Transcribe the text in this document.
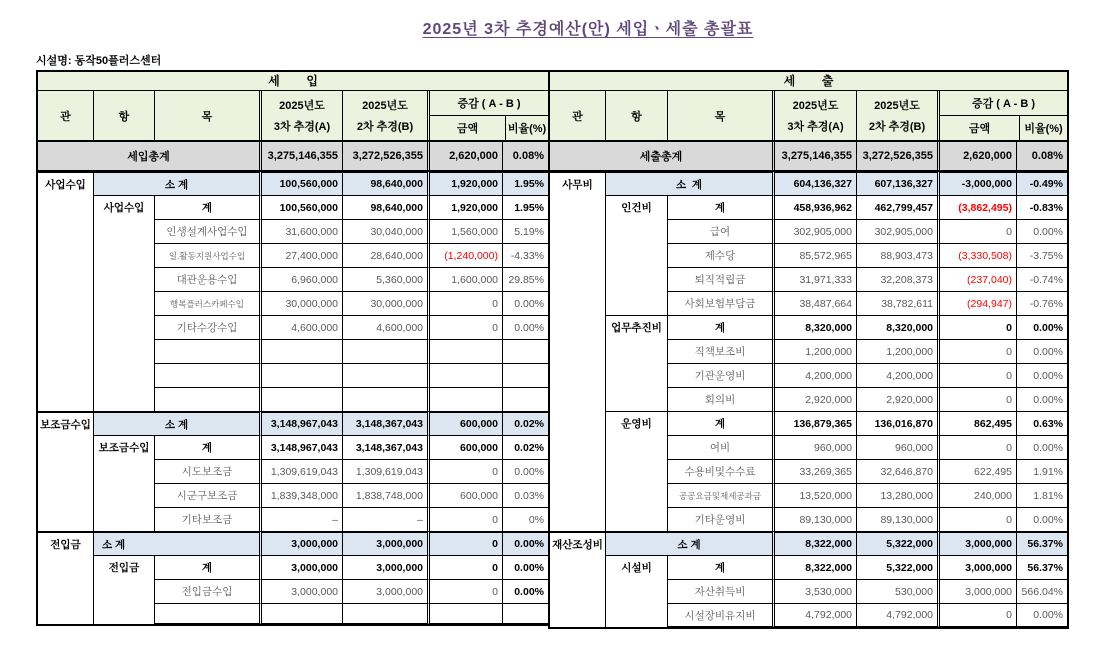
2025년 3차 추경예산(안) 세입ㆍ세출 총괄표
시설명: 동작50플러스센터
세        입
관	항	목
2025년도
3차 추경(A)
2025년도
2차 추경(B)
증감 ( A - B )
금액	비율(%)
세입총계	3,275,146,355	3,272,526,355	2,620,000	0.08%
사업수입	소 계	100,560,000	98,640,000	1,920,000	1.95%
사업수입	계	100,560,000	98,640,000	1,920,000	1.95%
인생설계사업수입	31,600,000	30,040,000	1,560,000	5.19%
일.활동지원사업수입	27,400,000	28,640,000	(1,240,000)	-4.33%
대관운용수입	6,960,000	5,360,000	1,600,000 29.85%
행복플러스카페수입	30,000,000	30,000,000	0	0.00%
기타수강수입	4,600,000	4,600,000	0	0.00%
보조금수입	소 계	3,148,967,043	3,148,367,043	600,000	0.02%
보조금수입	계	3,148,967,043	3,148,367,043	600,000	0.02%
시도보조금	1,309,619,043	1,309,619,043	0	0.00%
시군구보조금	1,839,348,000	1,838,748,000	600,000	0.03%
기타보조금	–	–	0	0%
전입금	소 계	3,000,000	3,000,000	0	0.00%
전입금	계	3,000,000	3,000,000	0	0.00%
전입금수입	3,000,000	3,000,000	0	0.00%
세        출
관	항	목
2025년도
3차 추경(A)
2025년도
2차 추경(B)
증감 ( A - B )
금액	비율(%)
세출총계	3,275,146,355 3,272,526,355	2,620,000	0.08%
사무비	소  계	604,136,327	607,136,327	-3,000,000	-0.49%
인건비	계	458,936,962	462,799,457	(3,862,495)	-0.83%
급여	302,905,000	302,905,000	0	0.00%
제수당	85,572,965	88,903,473	(3,330,508)	-3.75%
퇴직적립금	31,971,333	32,208,373	(237,040)	-0.74%
사회보험부담금	38,487,664	38,782,611	(294,947)	-0.76%
업무추진비	계	8,320,000	8,320,000	0	0.00%
직책보조비	1,200,000	1,200,000	0	0.00%
기관운영비	4,200,000	4,200,000	0	0.00%
회의비	2,920,000	2,920,000	0	0.00%
운영비	계	136,879,365	136,016,870	862,495	0.63%
여비	960,000	960,000	0	0.00%
수용비및수수료	33,269,365	32,646,870	622,495	1.91%
공공요금및제세공과금	13,520,000	13,280,000	240,000	1.81%
기타운영비	89,130,000	89,130,000	0	0.00%
재산조성비	소 계	8,322,000	5,322,000	3,000,000	56.37%
시설비	계	8,322,000	5,322,000	3,000,000	56.37%
자산취득비	3,530,000	530,000	3,000,000 566.04%
시설장비유지비	4,792,000	4,792,000	0	0.00%
